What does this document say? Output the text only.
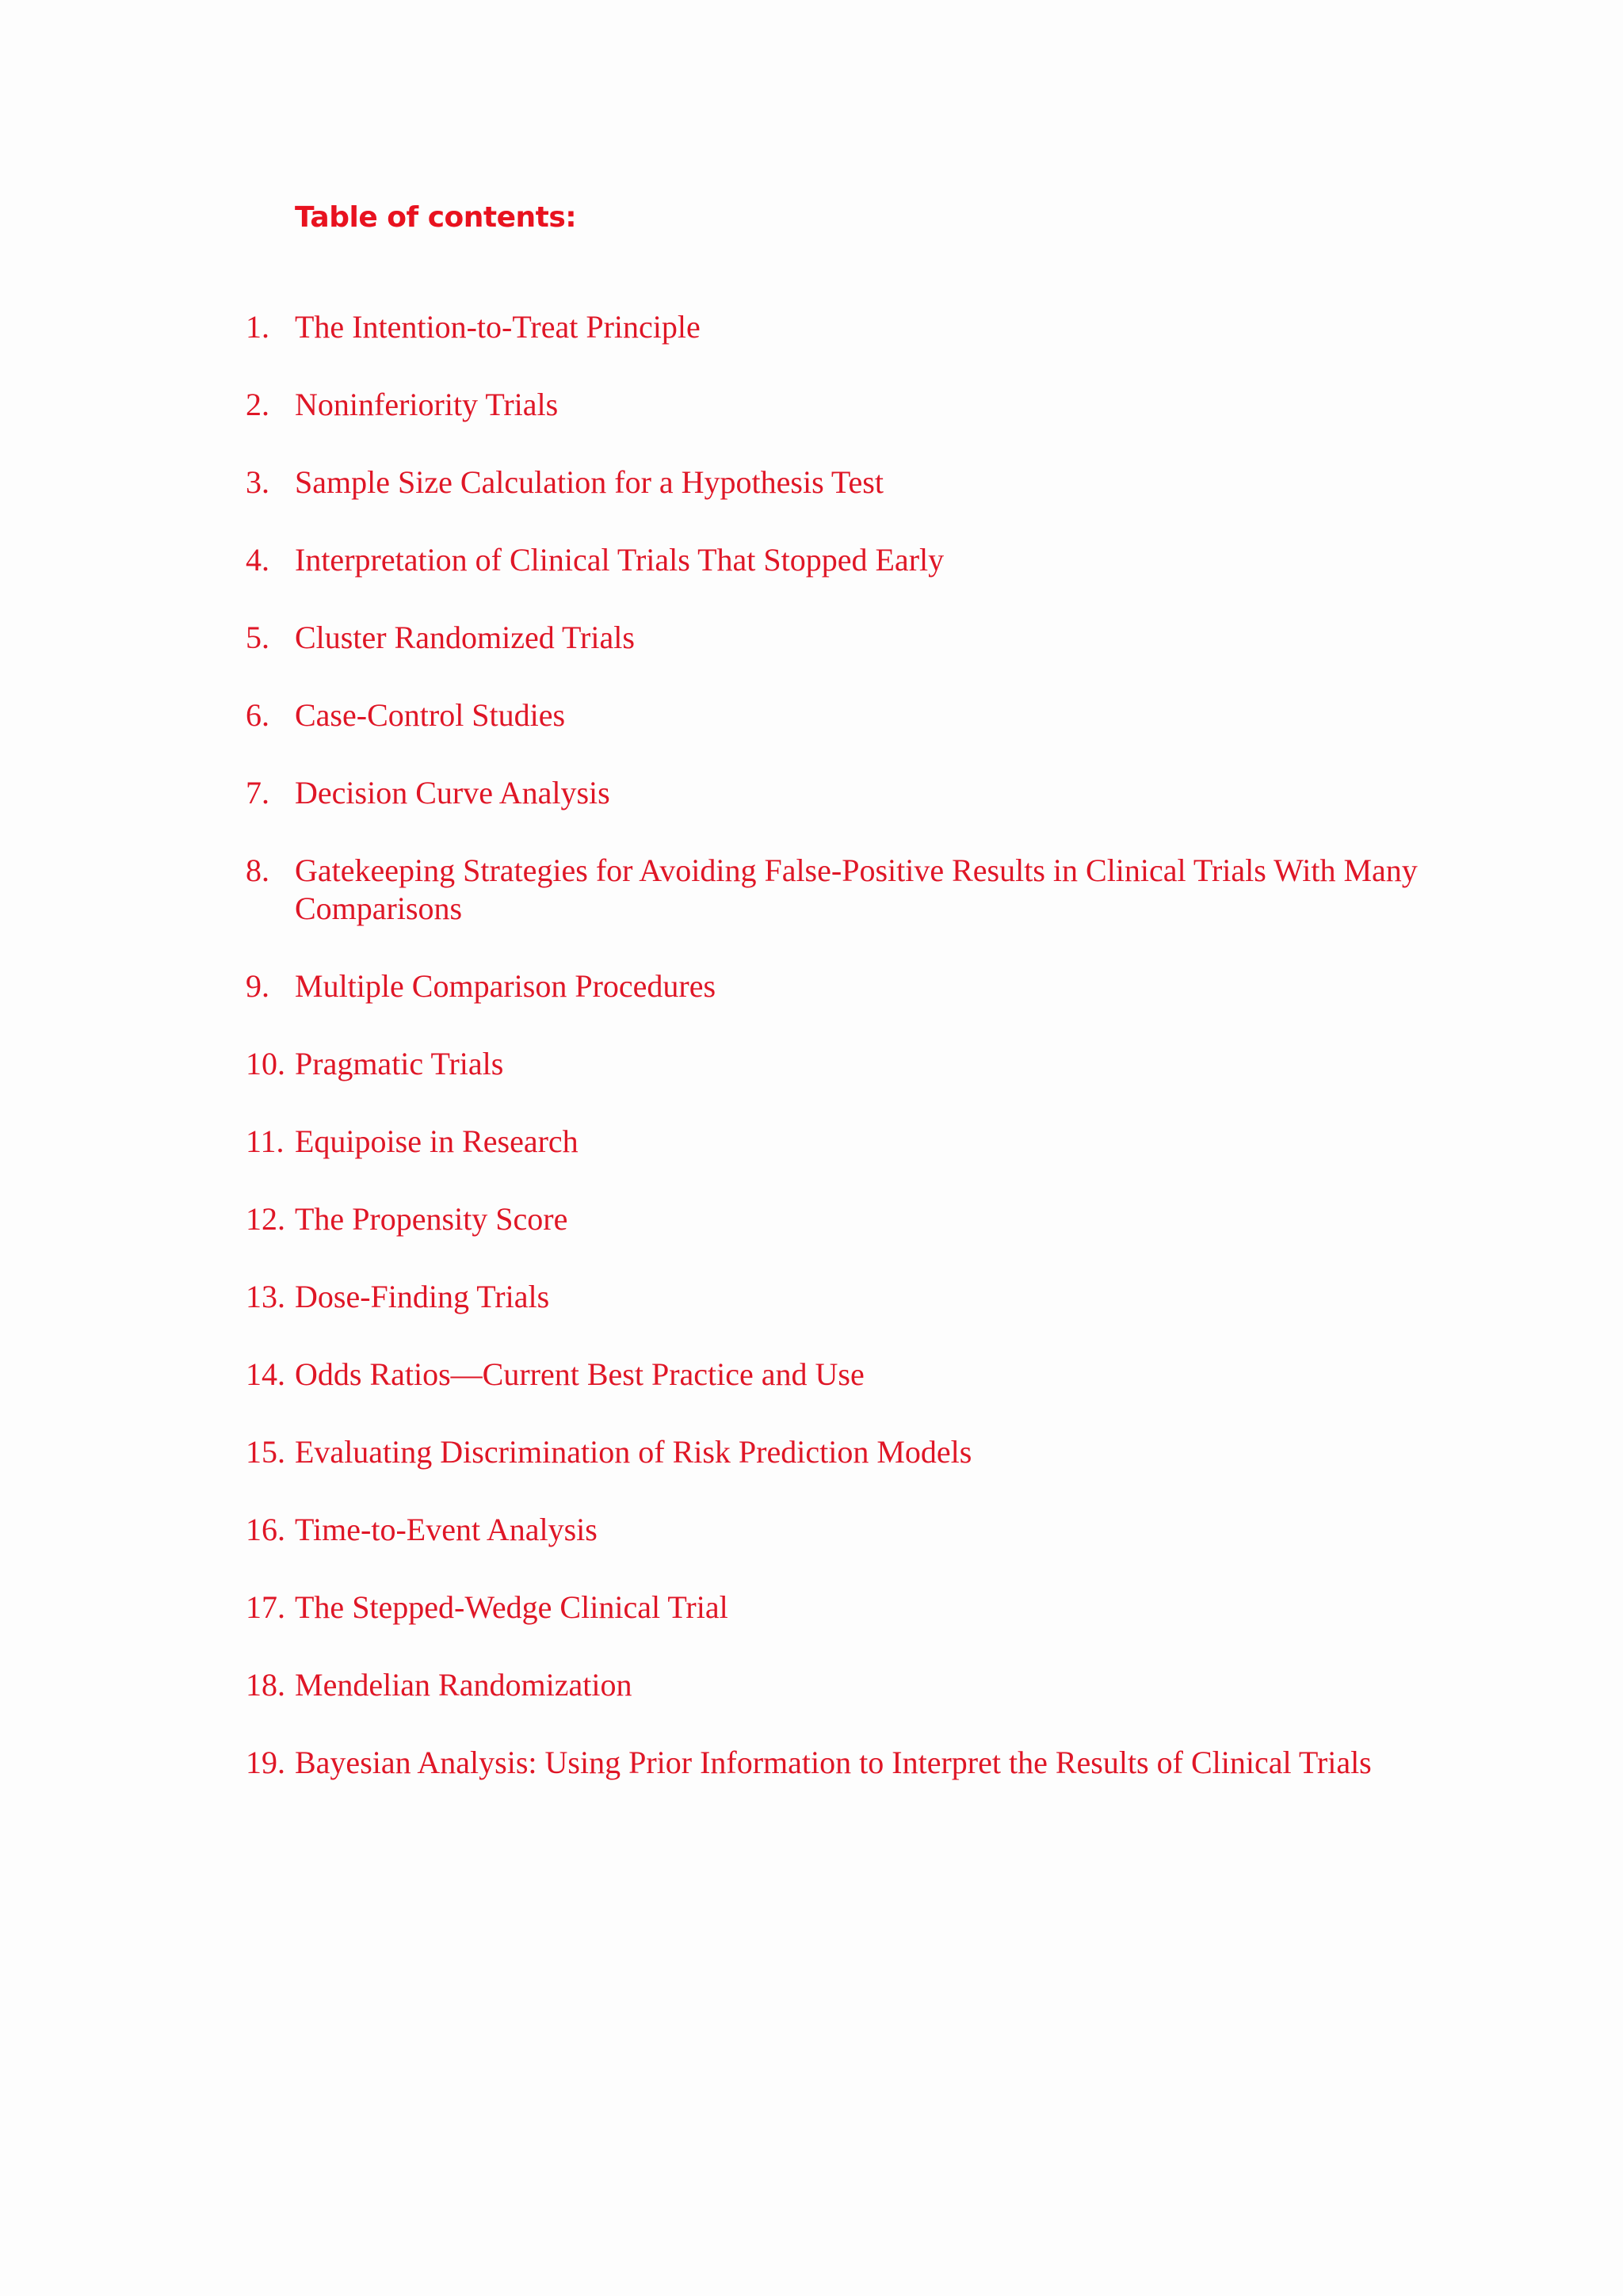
Table of contents:
1. The Intention-to-Treat Principle
2. Noninferiority Trials
3. Sample Size Calculation for a Hypothesis Test
4. Interpretation of Clinical Trials That Stopped Early
5. Cluster Randomized Trials
6. Case-Control Studies
7. Decision Curve Analysis
8. Gatekeeping Strategies for Avoiding False-Positive Results in Clinical Trials With Many Comparisons
9. Multiple Comparison Procedures
10. Pragmatic Trials
11. Equipoise in Research
12. The Propensity Score
13. Dose-Finding Trials
14. Odds Ratios—Current Best Practice and Use
15. Evaluating Discrimination of Risk Prediction Models
16. Time-to-Event Analysis
17. The Stepped-Wedge Clinical Trial
18. Mendelian Randomization
19. Bayesian Analysis: Using Prior Information to Interpret the Results of Clinical Trials
